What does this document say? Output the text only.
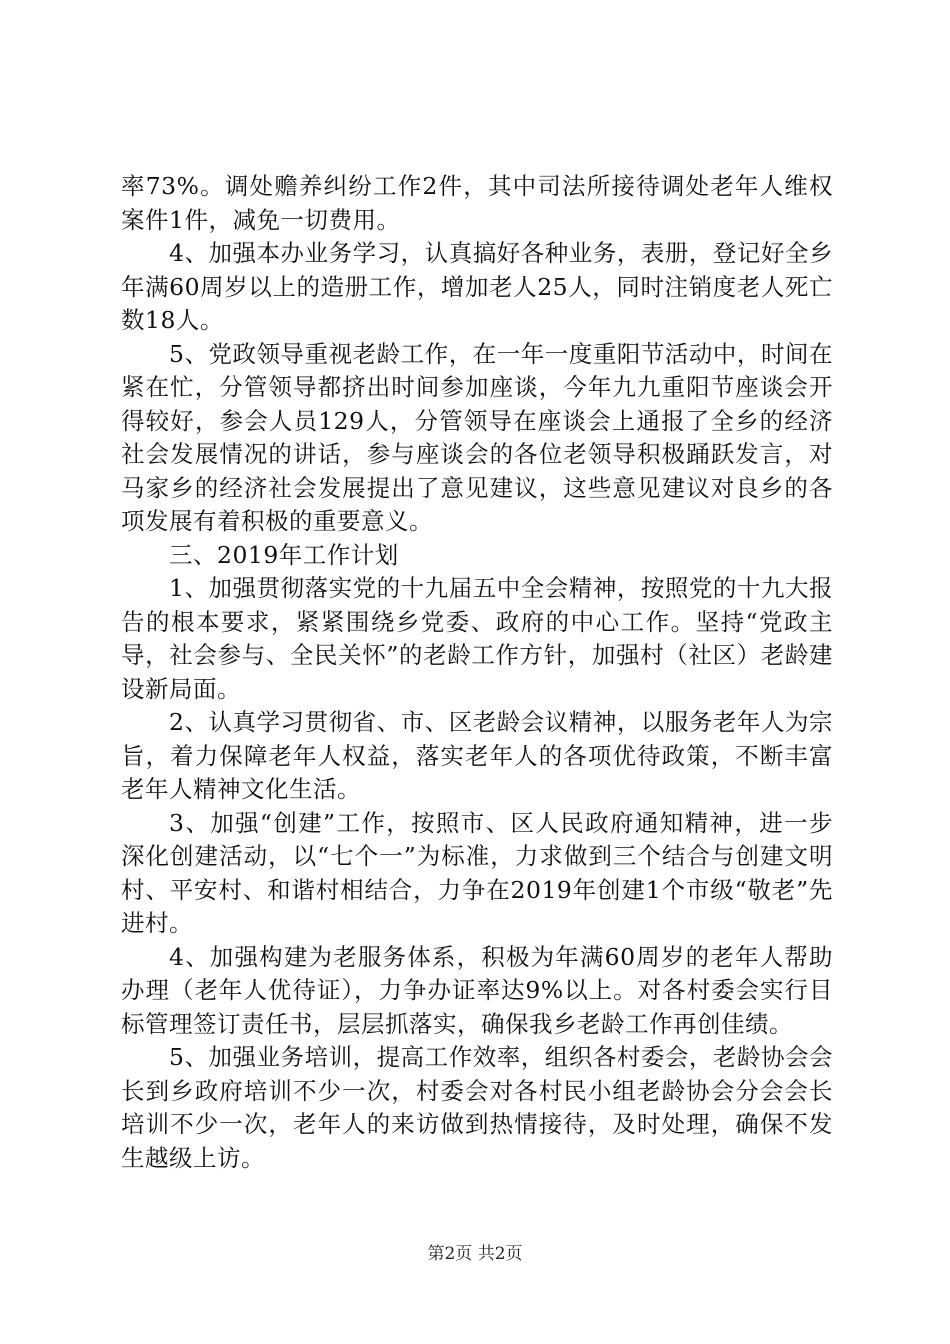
率73%。调处赡养纠纷工作2件，其中司法所接待调处老年人维权案件1件，减免一切费用。

4、加强本办业务学习，认真搞好各种业务，表册，登记好全乡年满60周岁以上的造册工作，增加老人25人，同时注销度老人死亡数18人。

5、党政领导重视老龄工作，在一年一度重阳节活动中，时间在紧在忙，分管领导都挤出时间参加座谈，今年九九重阳节座谈会开得较好，参会人员129人，分管领导在座谈会上通报了全乡的经济社会发展情况的讲话，参与座谈会的各位老领导积极踊跃发言，对马家乡的经济社会发展提出了意见建议，这些意见建议对良乡的各项发展有着积极的重要意义。

三、2019年工作计划

1、加强贯彻落实党的十九届五中全会精神，按照党的十九大报告的根本要求，紧紧围绕乡党委、政府的中心工作。坚持“党政主导，社会参与、全民关怀”的老龄工作方针，加强村（社区）老龄建设新局面。

2、认真学习贯彻省、市、区老龄会议精神，以服务老年人为宗旨，着力保障老年人权益，落实老年人的各项优待政策，不断丰富老年人精神文化生活。

3、加强“创建”工作，按照市、区人民政府通知精神，进一步深化创建活动，以“七个一”为标准，力求做到三个结合与创建文明村、平安村、和谐村相结合，力争在2019年创建1个市级“敬老”先进村。

4、加强构建为老服务体系，积极为年满60周岁的老年人帮助办理（老年人优待证），力争办证率达9%以上。对各村委会实行目标管理签订责任书，层层抓落实，确保我乡老龄工作再创佳绩。

5、加强业务培训，提高工作效率，组织各村委会，老龄协会会长到乡政府培训不少一次，村委会对各村民小组老龄协会分会会长培训不少一次，老年人的来访做到热情接待，及时处理，确保不发生越级上访。

第2页 共2页
